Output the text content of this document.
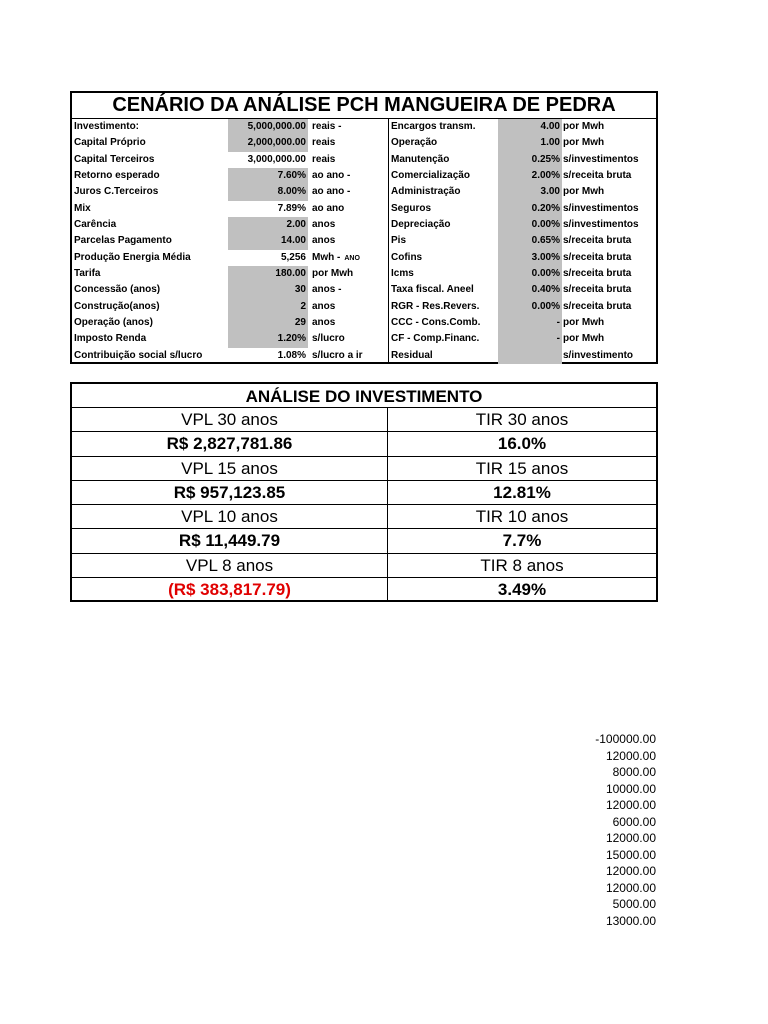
CENÁRIO DA ANÁLISE PCH MANGUEIRA DE PEDRA
Investimento:	5,000,000.00 reais -	Encargos transm.	4.00 por Mwh
Capital Próprio	2,000,000.00 reais	Operação	1.00 por Mwh
Capital Terceiros	3,000,000.00 reais	Manutenção	0.25% s/investimentos
Retorno esperado	7.60% ao ano -	Comercialização	2.00% s/receita bruta
Juros C.Terceiros	8.00% ao ano -	Administração	3.00 por Mwh
Mix	7.89% ao ano	Seguros	0.20% s/investimentos
Carência	2.00 anos	Depreciação	0.00% s/investimentos
Parcelas Pagamento	14.00 anos	Pis	0.65% s/receita bruta
Produção Energia Média	5,256 Mwh - ANO	Cofins	3.00% s/receita bruta
Tarifa	180.00 por Mwh	Icms	0.00% s/receita bruta
Concessão (anos)	30 anos -	Taxa fiscal. Aneel	0.40% s/receita bruta
Construção(anos)	2 anos	RGR - Res.Revers.	0.00% s/receita bruta
Operação (anos)	29 anos	CCC - Cons.Comb.	- por Mwh
Imposto Renda	1.20% s/lucro	CF - Comp.Financ.	- por Mwh
Contribuição social s/lucro	1.08% s/lucro a ir	Residual	s/investimento
ANÁLISE DO INVESTIMENTO
VPL 30 anos	TIR 30 anos
R$ 2,827,781.86	16.0%
VPL 15 anos	TIR 15 anos
R$ 957,123.85	12.81%
VPL 10 anos	TIR 10 anos
R$ 11,449.79	7.7%
VPL 8 anos	TIR 8 anos
(R$ 383,817.79)	3.49%
-100000.00
12000.00
8000.00
10000.00
12000.00
6000.00
12000.00
15000.00
12000.00
12000.00
5000.00
13000.00
